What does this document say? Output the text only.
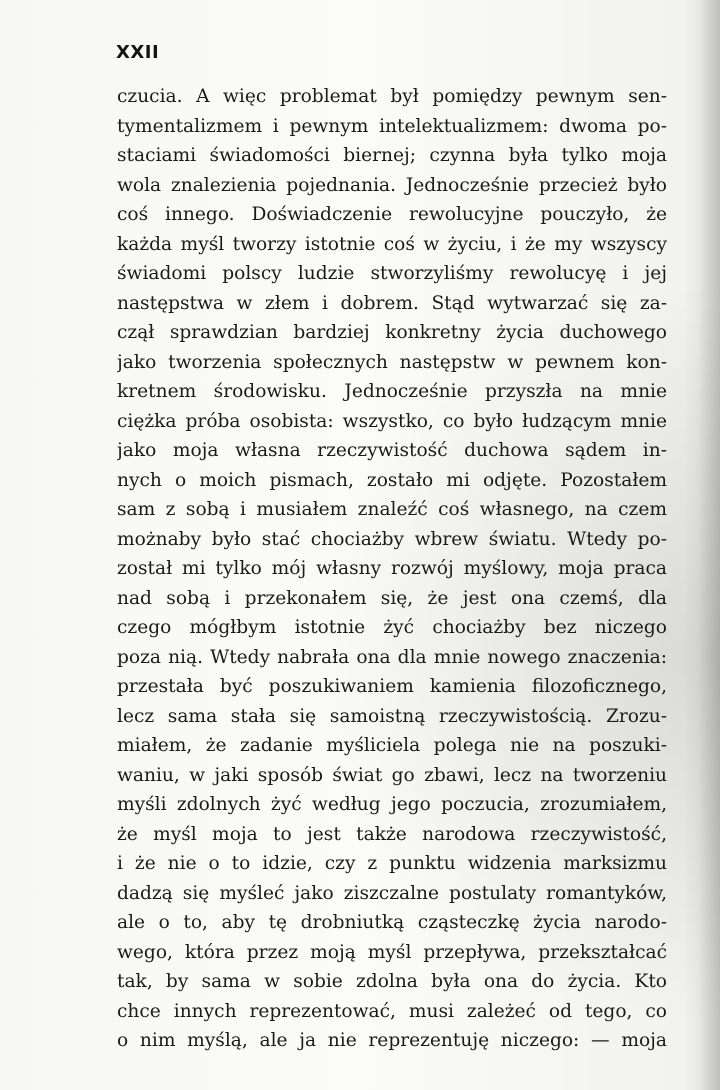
XXII
czucia. A więc problemat był pomiędzy pewnym sen-
tymentalizmem i pewnym intelektualizmem: dwoma po-
staciami świadomości biernej; czynna była tylko moja
wola znalezienia pojednania. Jednocześnie przecież było
coś innego. Doświadczenie rewolucyjne pouczyło, że
każda myśl tworzy istotnie coś w życiu, i że my wszyscy
świadomi polscy ludzie stworzyliśmy rewolucyę i jej
następstwa w złem i dobrem. Stąd wytwarzać się za-
czął sprawdzian bardziej konkretny życia duchowego
jako tworzenia społecznych następstw w pewnem kon-
kretnem środowisku. Jednocześnie przyszła na mnie
ciężka próba osobista: wszystko, co było łudzącym mnie
jako moja własna rzeczywistość duchowa sądem in-
nych o moich pismach, zostało mi odjęte. Pozostałem
sam z sobą i musiałem znaleźć coś własnego, na czem
możnaby było stać chociażby wbrew światu. Wtedy po-
został mi tylko mój własny rozwój myślowy, moja praca
nad sobą i przekonałem się, że jest ona czemś, dla
czego mógłbym istotnie żyć chociażby bez niczego
poza nią. Wtedy nabrała ona dla mnie nowego znaczenia:
przestała być poszukiwaniem kamienia filozoficznego,
lecz sama stała się samoistną rzeczywistością. Zrozu-
miałem, że zadanie myśliciela polega nie na poszuki-
waniu, w jaki sposób świat go zbawi, lecz na tworzeniu
myśli zdolnych żyć według jego poczucia, zrozumiałem,
że myśl moja to jest także narodowa rzeczywistość,
i że nie o to idzie, czy z punktu widzenia marksizmu
dadzą się myśleć jako ziszczalne postulaty romantyków,
ale o to, aby tę drobniutką cząsteczkę życia narodo-
wego, która przez moją myśl przepływa, przekształcać
tak, by sama w sobie zdolna była ona do życia. Kto
chce innych reprezentować, musi zależeć od tego, co
o nim myślą, ale ja nie reprezentuję niczego: — moja
